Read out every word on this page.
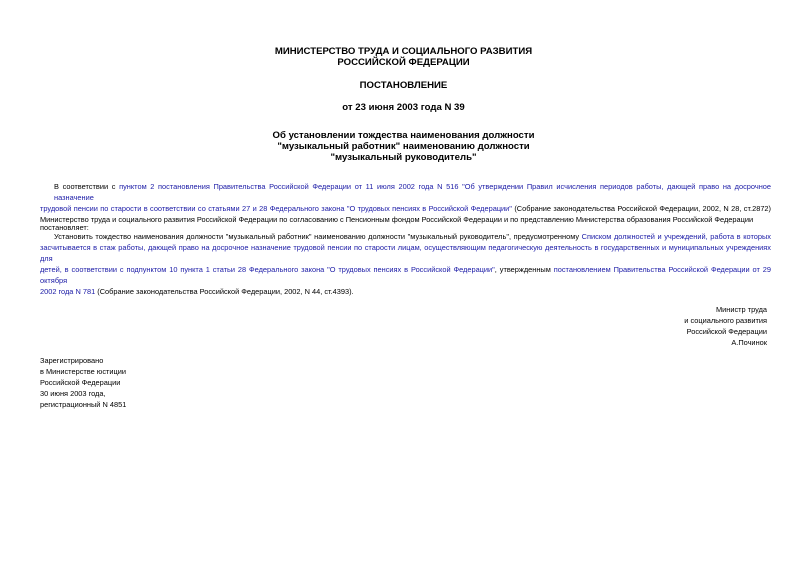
МИНИСТЕРСТВО ТРУДА И СОЦИАЛЬНОГО РАЗВИТИЯ
РОССИЙСКОЙ ФЕДЕРАЦИИ
ПОСТАНОВЛЕНИЕ
от 23 июня 2003 года N 39
Об установлении тождества наименования должности
"музыкальный работник" наименованию должности
"музыкальный руководитель"
В соответствии с пунктом 2 постановления Правительства Российской Федерации от 11 июля 2002 года N 516 "Об утверждении Правил исчисления периодов работы, дающей право на досрочное назначение
трудовой пенсии по старости в соответствии со статьями 27 и 28 Федерального закона "О трудовых пенсиях в Российской Федерации" (Собрание законодательства Российской Федерации, 2002, N 28, ст.2872)
Министерство труда и социального развития Российской Федерации по согласованию с Пенсионным фондом Российской Федерации и по представлению Министерства образования Российской Федерации
постановляет:
Установить тождество наименования должности "музыкальный работник" наименованию должности "музыкальный руководитель", предусмотренному Списком должностей и учреждений, работа в которых
засчитывается в стаж работы, дающей право на досрочное назначение трудовой пенсии по старости лицам, осуществляющим педагогическую деятельность в государственных и муниципальных учреждениях для
детей, в соответствии с подпунктом 10 пункта 1 статьи 28 Федерального закона "О трудовых пенсиях в Российской Федерации", утвержденным постановлением Правительства Российской Федерации от 29 октября
2002 года N 781 (Собрание законодательства Российской Федерации, 2002, N 44, ст.4393).
Министр труда
и социального развития
Российской Федерации
А.Починок
Зарегистрировано
в Министерстве юстиции
Российской Федерации
30 июня 2003 года,
регистрационный N 4851
